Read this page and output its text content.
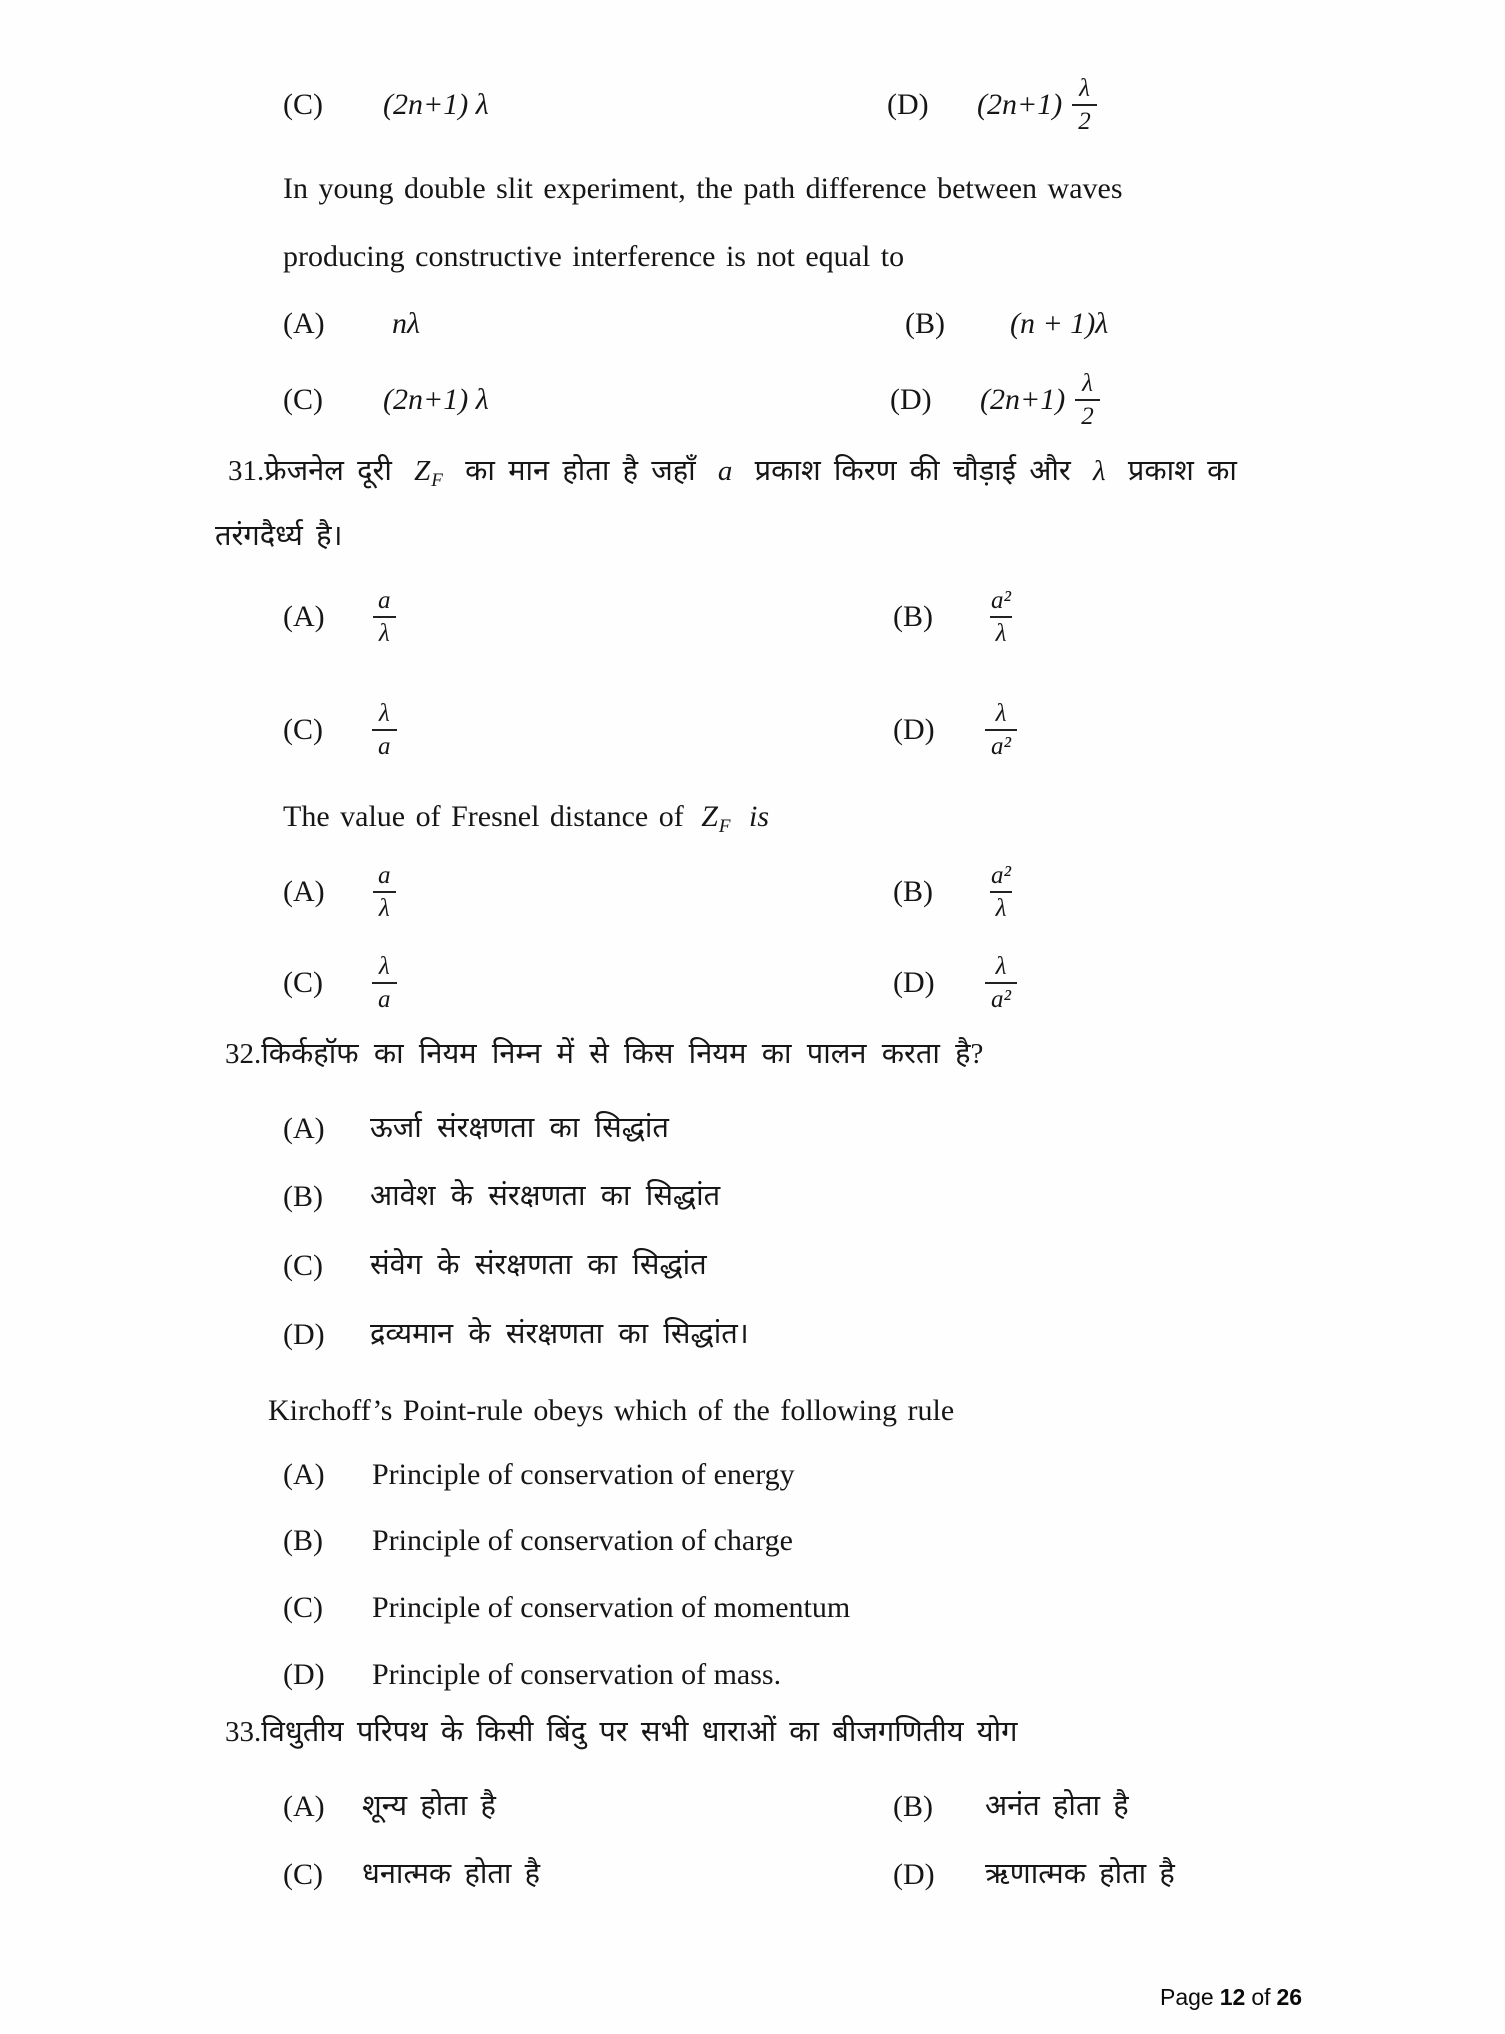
(C) (2n+1) λ	(D) $(2n+1) \frac{\lambda}{2}$
In young double slit experiment, the path difference between waves
producing constructive interference is not equal to
(A) nλ	(B) (n + 1)λ
(C) (2n+1) λ	(D) $(2n+1) \frac{\lambda}{2}$
31.फ्रेजनेल दूरी $Z_F$ का मान होता है जहाँ a प्रकाश किरण की चौड़ाई और λ प्रकाश का
तरंगदैर्ध्य है।
$(A) \frac{a}{\lambda}$	$(B) \frac{\text{a²}}{\lambda}$
$(C) \frac{\lambda}{a}$	$(D) \frac{\lambda}{\text{a²}}$
The value of Fresnel distance of $Z_F$ is
$(A) \frac{a}{\lambda}$	$(B) \frac{\text{a²}}{\lambda}$
$(C) \frac{\lambda}{a}$	$(D) \frac{\lambda}{\text{a²}}$
32.किर्कहॉफ का नियम निम्न में से किस नियम का पालन करता है?
(A) ऊर्जा संरक्षणता का सिद्धांत
(B) आवेश के संरक्षणता का सिद्धांत
(C) संवेग के संरक्षणता का सिद्धांत
(D) द्रव्यमान के संरक्षणता का सिद्धांत।
Kirchoff’s Point-rule obeys which of the following rule
(A) Principle of conservation of energy
(B) Principle of conservation of charge
(C) Principle of conservation of momentum
(D) Principle of conservation of mass.
33.विधुतीय परिपथ के किसी बिंदु पर सभी धाराओं का बीजगणितीय योग
(A) शून्य होता है	(B) अनंत होता है
(C) धनात्मक होता है	(D) ऋणात्मक होता है
Page 12 of 26
